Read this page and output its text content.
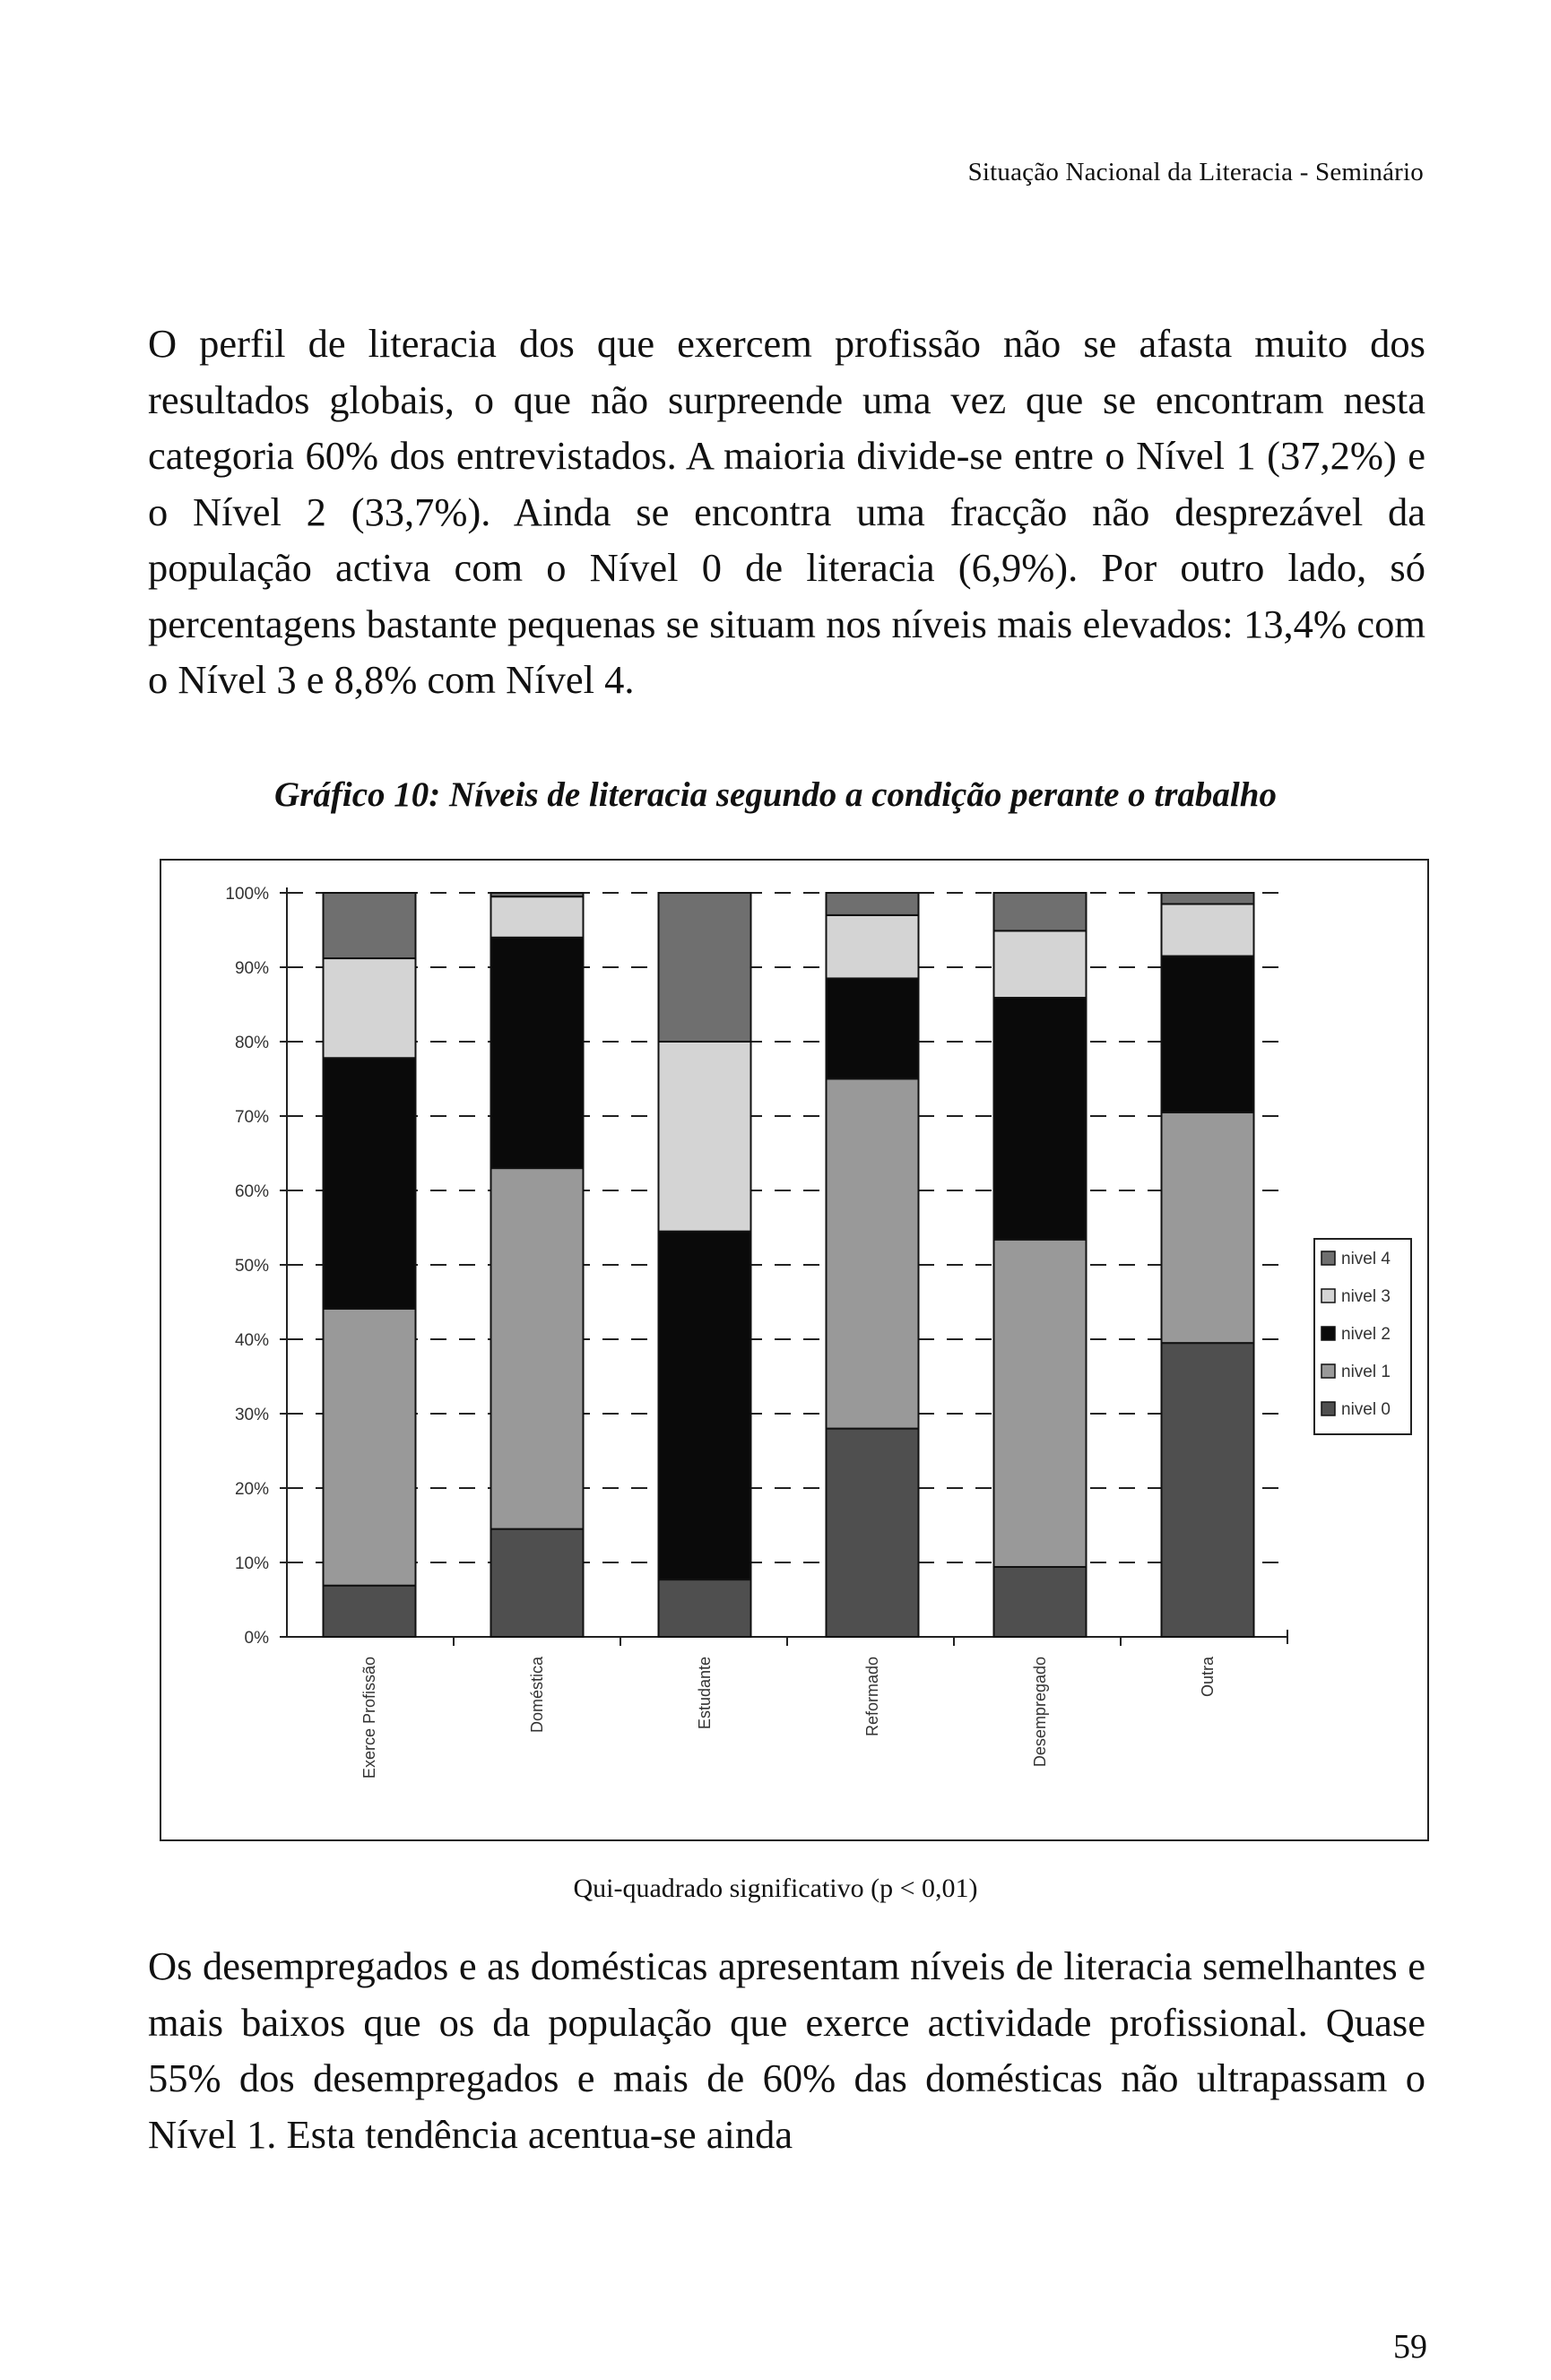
Situação Nacional da Literacia - Seminário

O perfil de literacia dos que exercem profissão não se afasta muito dos resultados globais, o que não surpreende uma vez que se encontram nesta categoria 60% dos entrevistados. A maioria divide-se entre o Nível 1 (37,2%) e o Nível 2 (33,7%). Ainda se encontra uma fracção não desprezável da população activa com o Nível 0 de literacia (6,9%). Por outro lado, só percentagens bastante pequenas se situam nos níveis mais elevados: 13,4% com o Nível 3 e 8,8% com Nível 4.

Gráfico 10: Níveis de literacia segundo a condição perante o trabalho
0%
10%
20%
30%
40%
50%
60%
70%
80%
90%
100%
Exerce Profissão	Doméstica	Estudante	Reformado	Desempregado	Outra
nivel 4
nivel 3
nivel 2
nivel 1
nivel 0
Qui-quadrado significativo (p < 0,01)

Os desempregados e as domésticas apresentam níveis de literacia semelhantes e mais baixos que os da população que exerce actividade profissional. Quase 55% dos desempregados e mais de 60% das domésticas não ultrapassam o Nível 1. Esta tendência acentua-se ainda

59
